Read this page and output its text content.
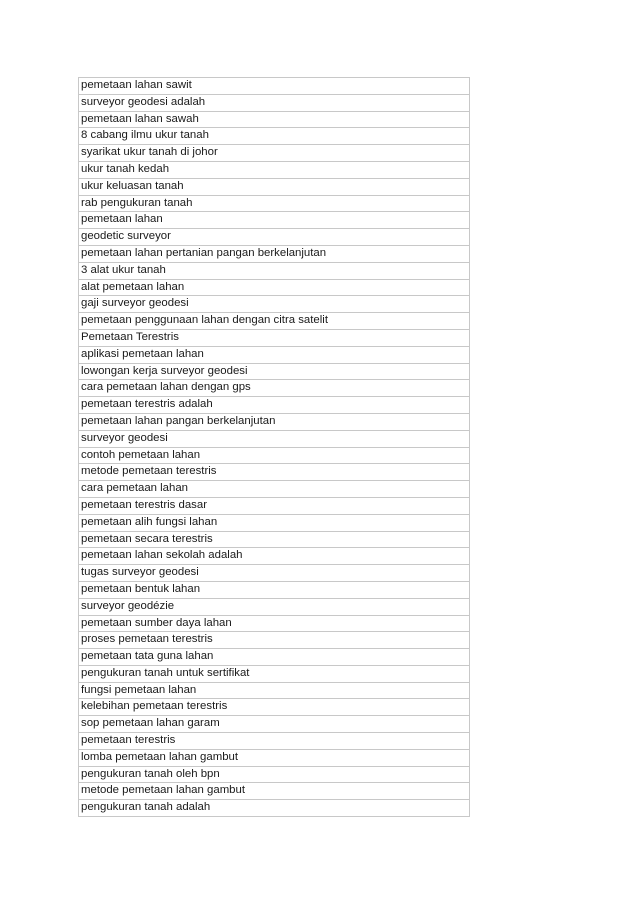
pemetaan lahan sawit
surveyor geodesi adalah
pemetaan lahan sawah
8 cabang ilmu ukur tanah
syarikat ukur tanah di johor
ukur tanah kedah
ukur keluasan tanah
rab pengukuran tanah
pemetaan lahan
geodetic surveyor
pemetaan lahan pertanian pangan berkelanjutan
3 alat ukur tanah
alat pemetaan lahan
gaji surveyor geodesi
pemetaan penggunaan lahan dengan citra satelit
Pemetaan Terestris
aplikasi pemetaan lahan
lowongan kerja surveyor geodesi
cara pemetaan lahan dengan gps
pemetaan terestris adalah
pemetaan lahan pangan berkelanjutan
surveyor geodesi
contoh pemetaan lahan
metode pemetaan terestris
cara pemetaan lahan
pemetaan terestris dasar
pemetaan alih fungsi lahan
pemetaan secara terestris
pemetaan lahan sekolah adalah
tugas surveyor geodesi
pemetaan bentuk lahan
surveyor geodézie
pemetaan sumber daya lahan
proses pemetaan terestris
pemetaan tata guna lahan
pengukuran tanah untuk sertifikat
fungsi pemetaan lahan
kelebihan pemetaan terestris
sop pemetaan lahan garam
pemetaan terestris
lomba pemetaan lahan gambut
pengukuran tanah oleh bpn
metode pemetaan lahan gambut
pengukuran tanah adalah
